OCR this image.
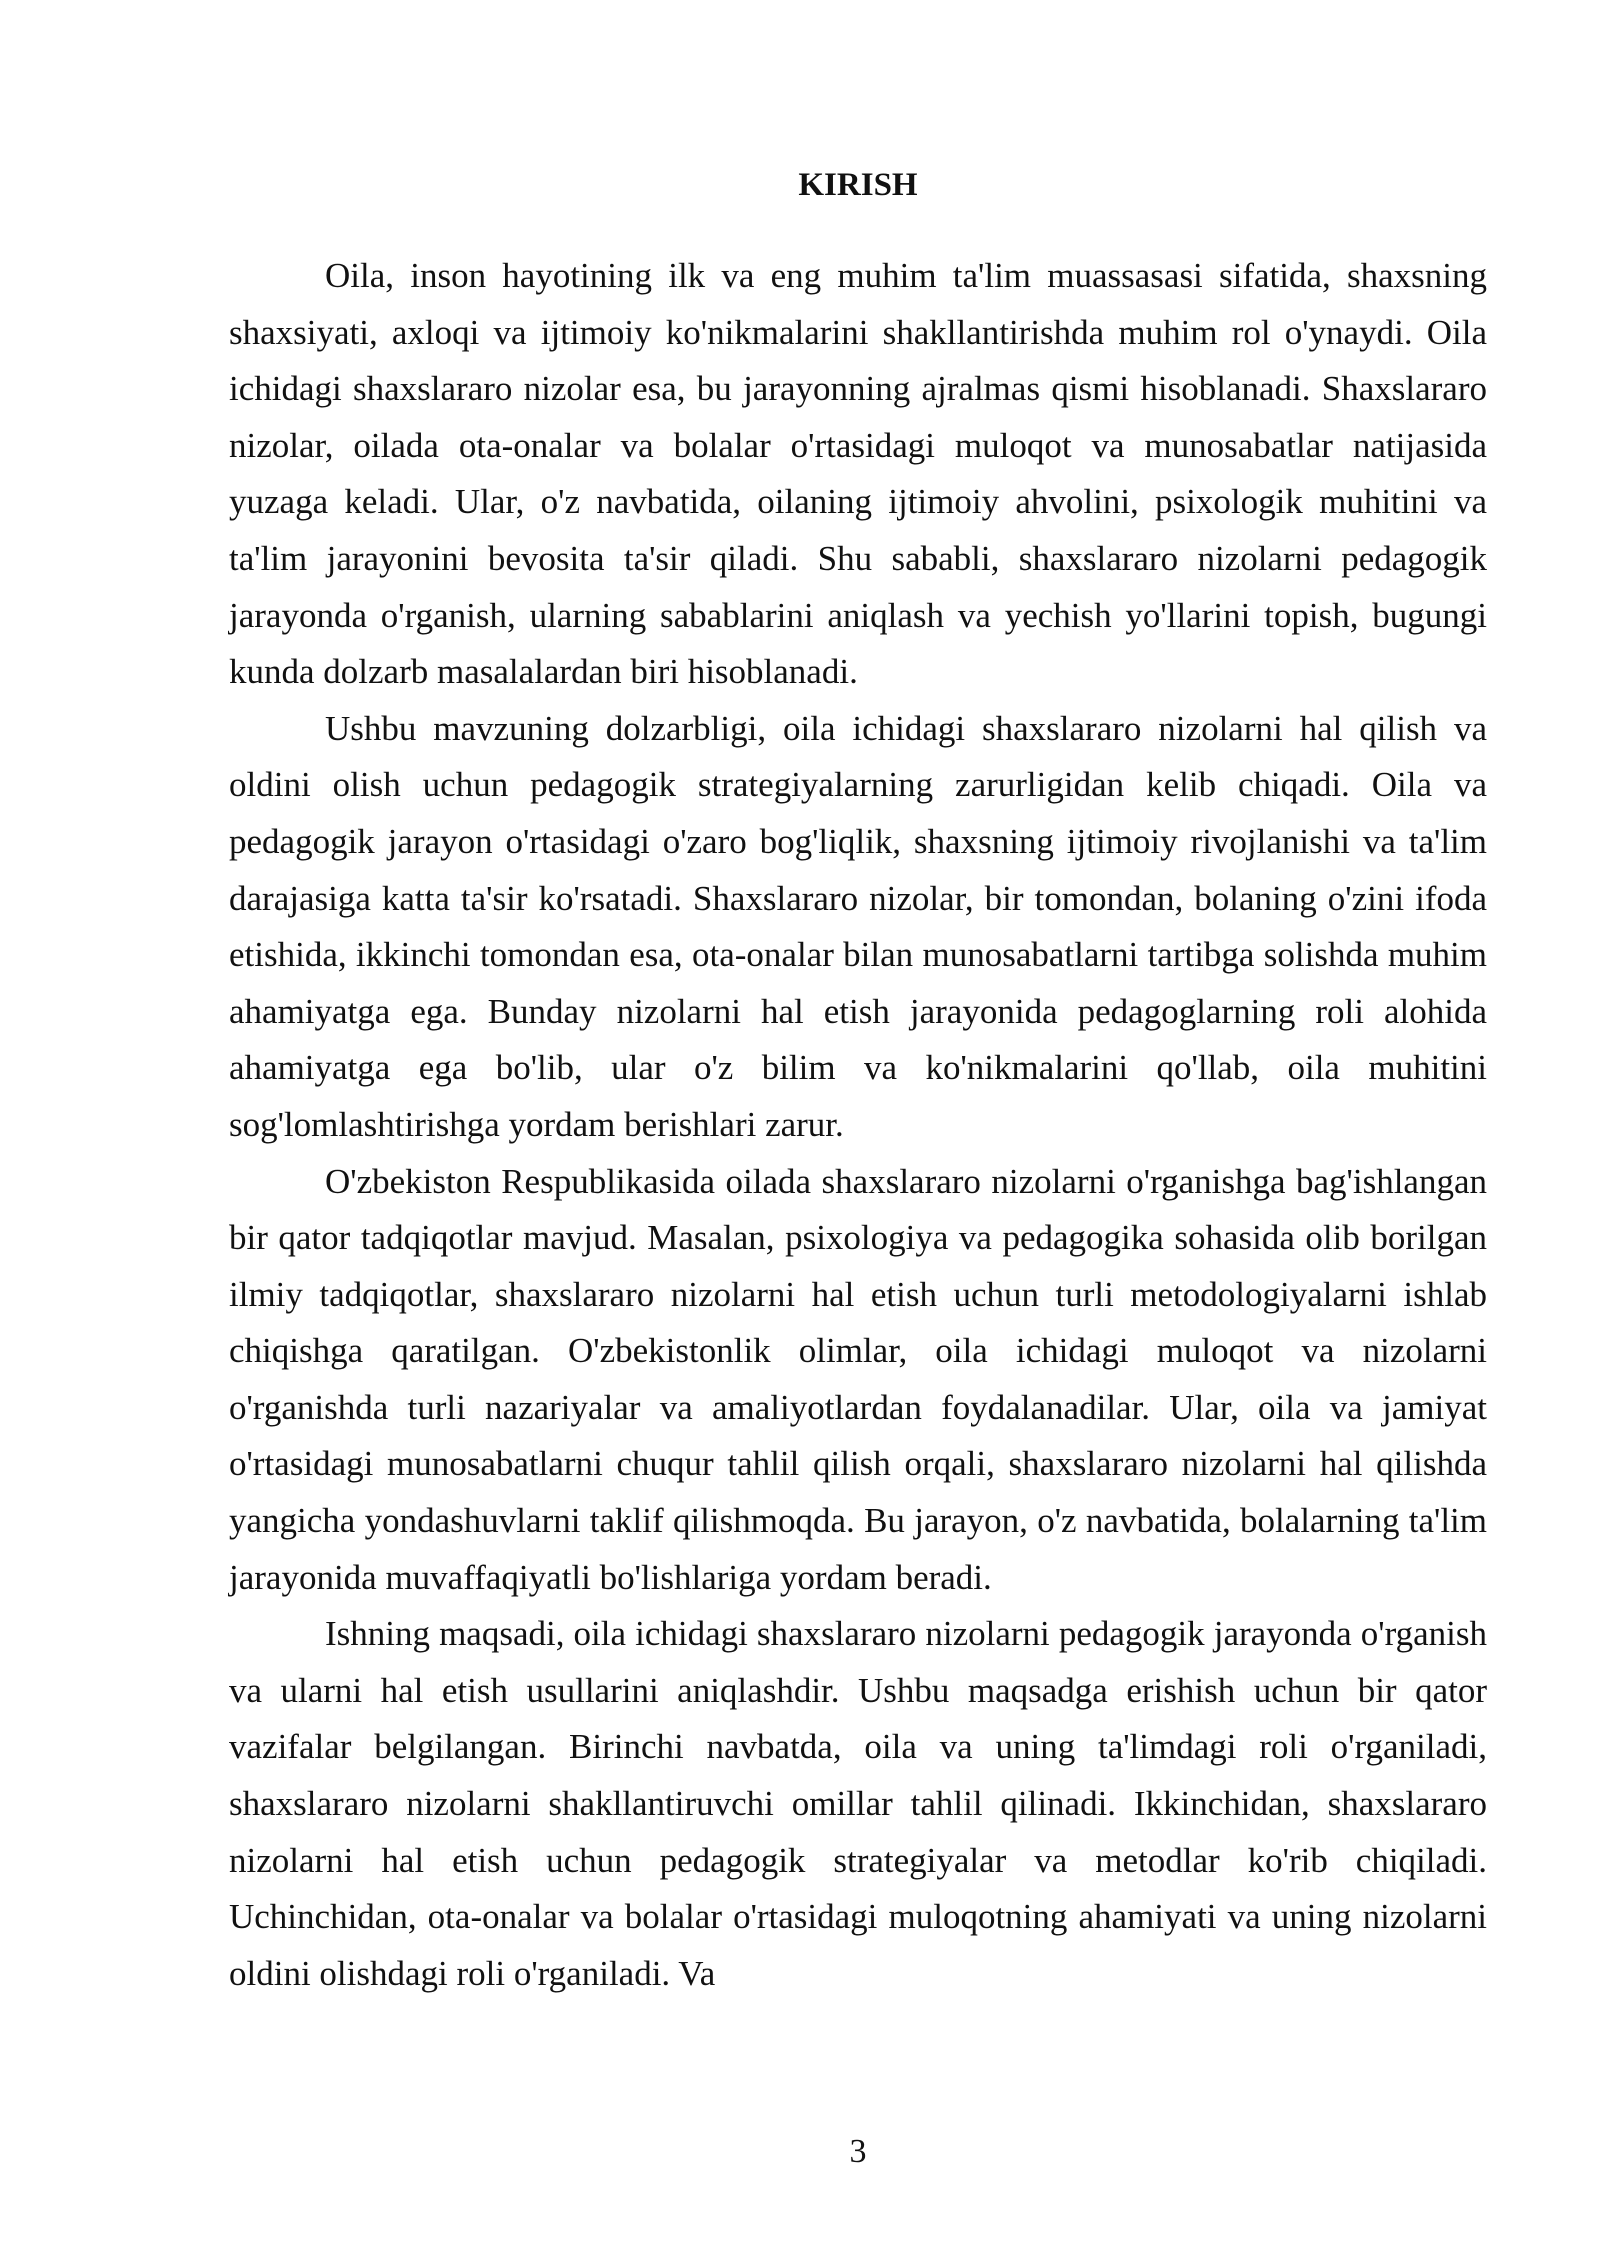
KIRISH

Oila, inson hayotining ilk va eng muhim ta'lim muassasasi sifatida, shaxsning shaxsiyati, axloqi va ijtimoiy ko'nikmalarini shakllantirishda muhim rol o'ynaydi. Oila ichidagi shaxslararo nizolar esa, bu jarayonning ajralmas qismi hisoblanadi. Shaxslararo nizolar, oilada ota-onalar va bolalar o'rtasidagi muloqot va munosabatlar natijasida yuzaga keladi. Ular, o'z navbatida, oilaning ijtimoiy ahvolini, psixologik muhitini va ta'lim jarayonini bevosita ta'sir qiladi. Shu sababli, shaxslararo nizolarni pedagogik jarayonda o'rganish, ularning sabablarini aniqlash va yechish yo'llarini topish, bugungi kunda dolzarb masalalardan biri hisoblanadi.

Ushbu mavzuning dolzarbligi, oila ichidagi shaxslararo nizolarni hal qilish va oldini olish uchun pedagogik strategiyalarning zarurligidan kelib chiqadi. Oila va pedagogik jarayon o'rtasidagi o'zaro bog'liqlik, shaxsning ijtimoiy rivojlanishi va ta'lim darajasiga katta ta'sir ko'rsatadi. Shaxslararo nizolar, bir tomondan, bolaning o'zini ifoda etishida, ikkinchi tomondan esa, ota-onalar bilan munosabatlarni tartibga solishda muhim ahamiyatga ega. Bunday nizolarni hal etish jarayonida pedagoglarning roli alohida ahamiyatga ega bo'lib, ular o'z bilim va ko'nikmalarini qo'llab, oila muhitini sog'lomlashtirishga yordam berishlari zarur.

O'zbekiston Respublikasida oilada shaxslararo nizolarni o'rganishga bag'ishlangan bir qator tadqiqotlar mavjud. Masalan, psixologiya va pedagogika sohasida olib borilgan ilmiy tadqiqotlar, shaxslararo nizolarni hal etish uchun turli metodologiyalarni ishlab chiqishga qaratilgan. O'zbekistonlik olimlar, oila ichidagi muloqot va nizolarni o'rganishda turli nazariyalar va amaliyotlardan foydalanadilar. Ular, oila va jamiyat o'rtasidagi munosabatlarni chuqur tahlil qilish orqali, shaxslararo nizolarni hal qilishda yangicha yondashuvlarni taklif qilishmoqda. Bu jarayon, o'z navbatida, bolalarning ta'lim jarayonida muvaffaqiyatli bo'lishlariga yordam beradi.

Ishning maqsadi, oila ichidagi shaxslararo nizolarni pedagogik jarayonda o'rganish va ularni hal etish usullarini aniqlashdir. Ushbu maqsadga erishish uchun bir qator vazifalar belgilangan. Birinchi navbatda, oila va uning ta'limdagi roli o'rganiladi, shaxslararo nizolarni shakllantiruvchi omillar tahlil qilinadi. Ikkinchidan, shaxslararo nizolarni hal etish uchun pedagogik strategiyalar va metodlar ko'rib chiqiladi. Uchinchidan, ota-onalar va bolalar o'rtasidagi muloqotning ahamiyati va uning nizolarni oldini olishdagi roli o'rganiladi. Va

3
